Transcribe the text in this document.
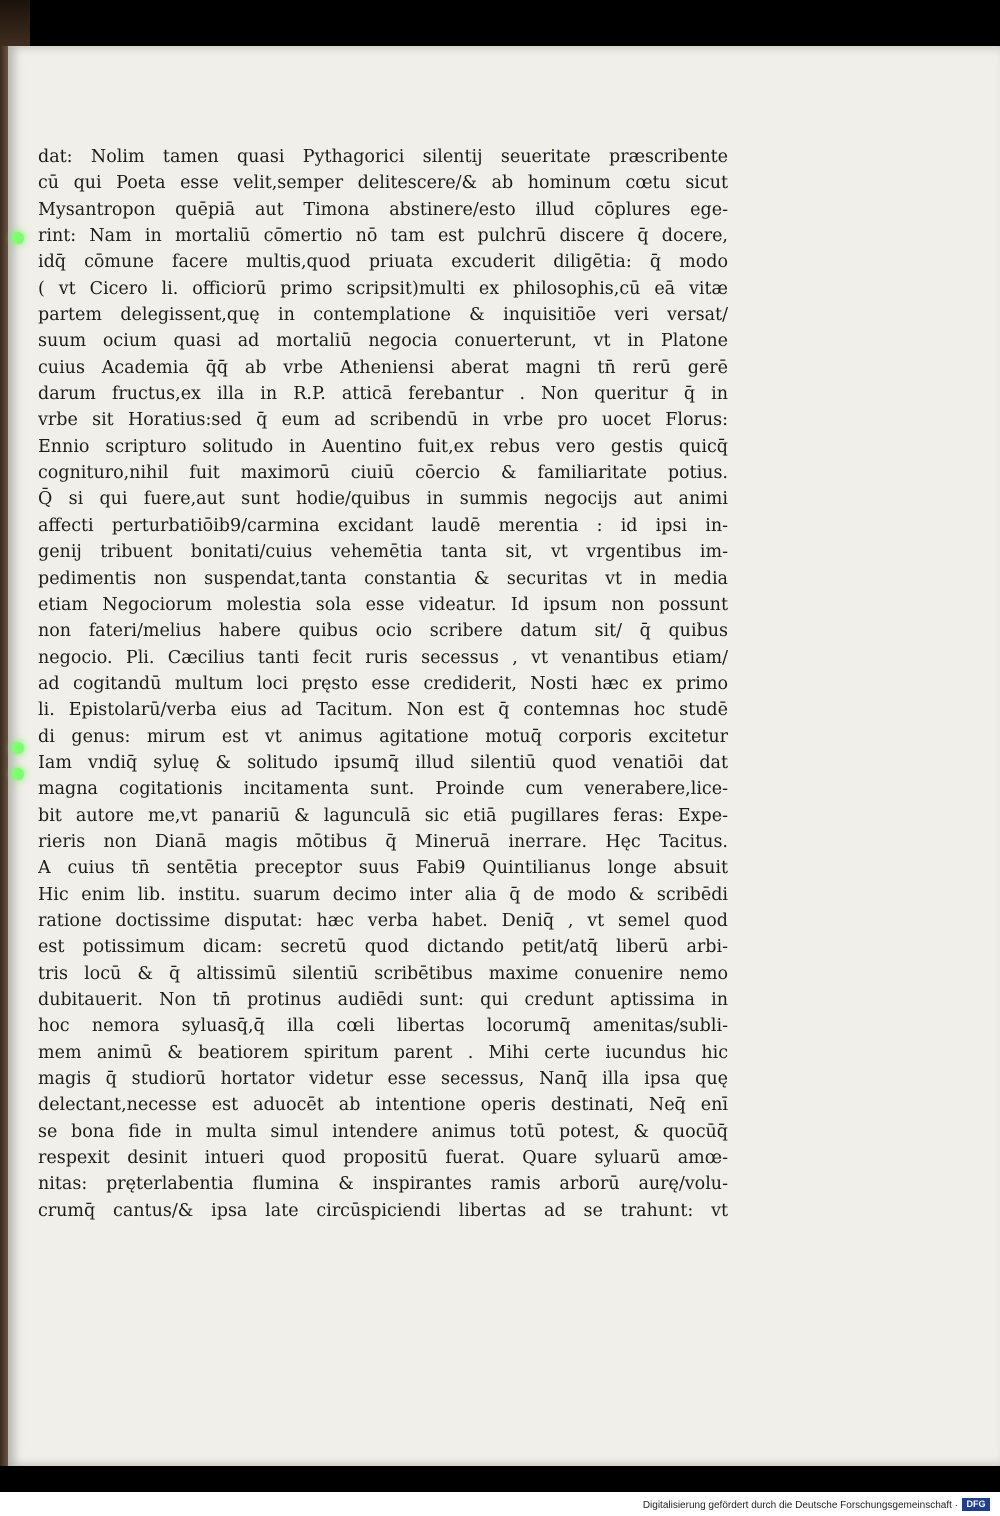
dat: Nolim tamen quasi Pythagorici silentij seueritate præscribente
cū qui Poeta esse velit,semper delitescere/& ab hominum cœtu sicut
Mysantropon quēpiā aut Timona abstinere/esto illud cōplures ege-
rint: Nam in mortaliū cōmertio nō tam est pulchrū discere q̄ docere,
idq̄ cōmune facere multis,quod priuata excuderit diligētia: q̄ modo
( vt Cicero li. officiorū primo scripsit)multi ex philosophis,cū eā vitæ
partem delegissent,quę in contemplatione & inquisitiōe veri versat/
suum ocium quasi ad mortaliū negocia conuerterunt, vt in Platone
cuius Academia q̄q̄ ab vrbe Atheniensi aberat magni tn̄ rerū gerē
darum fructus,ex illa in R.P. atticā ferebantur . Non queritur q̄ in
vrbe sit Horatius:sed q̄ eum ad scribendū in vrbe pro uocet Florus:
Ennio scripturo solitudo in Auentino fuit,ex rebus vero gestis quicq̄
cognituro,nihil fuit maximorū ciuiū cōercio & familiaritate potius.
Q̄ si qui fuere,aut sunt hodie/quibus in summis negocijs aut animi
affecti perturbatiōib9/carmina excidant laudē merentia : id ipsi in-
genij tribuent bonitati/cuius vehemētia tanta sit, vt vrgentibus im-
pedimentis non suspendat,tanta constantia & securitas vt in media
etiam Negociorum molestia sola esse videatur. Id ipsum non possunt
non fateri/melius habere quibus ocio scribere datum sit/ q̄ quibus
negocio. Pli. Cæcilius tanti fecit ruris secessus , vt venantibus etiam/
ad cogitandū multum loci pręsto esse crediderit, Nosti hæc ex primo
li. Epistolarū/verba eius ad Tacitum. Non est q̄ contemnas hoc studē
di genus: mirum est vt animus agitatione motuq̄ corporis excitetur
Iam vndiq̄ syluę & solitudo ipsumq̄ illud silentiū quod venatiōi dat
magna cogitationis incitamenta sunt. Proinde cum venerabere,lice-
bit autore me,vt panariū & lagunculā sic etiā pugillares feras: Expe-
rieris non Dianā magis mōtibus q̄ Mineruā inerrare. Hęc Tacitus.
A cuius tn̄ sentētia preceptor suus Fabi9 Quintilianus longe absuit
Hic enim lib. institu. suarum decimo inter alia q̄ de modo & scribēdi
ratione doctissime disputat: hæc verba habet. Deniq̄ , vt semel quod
est potissimum dicam: secretū quod dictando petit/atq̄ liberū arbi-
tris locū & q̄ altissimū silentiū scribētibus maxime conuenire nemo
dubitauerit. Non tn̄ protinus audiēdi sunt: qui credunt aptissima in
hoc nemora syluasq̄,q̄ illa cœli libertas locorumq̄ amenitas/subli-
mem animū & beatiorem spiritum parent . Mihi certe iucundus hic
magis q̄ studiorū hortator videtur esse secessus, Nanq̄ illa ipsa quę
delectant,necesse est aduocēt ab intentione operis destinati, Neq̄ enī
se bona fide in multa simul intendere animus totū potest, & quocūq̄
respexit desinit intueri quod propositū fuerat. Quare syluarū amœ-
nitas: pręterlabentia flumina & inspirantes ramis arborū aurę/volu-
crumq̄ cantus/& ipsa late circūspiciendi libertas ad se trahunt: vt
Digitalisierung gefördert durch die Deutsche Forschungsgemeinschaft · DFG
